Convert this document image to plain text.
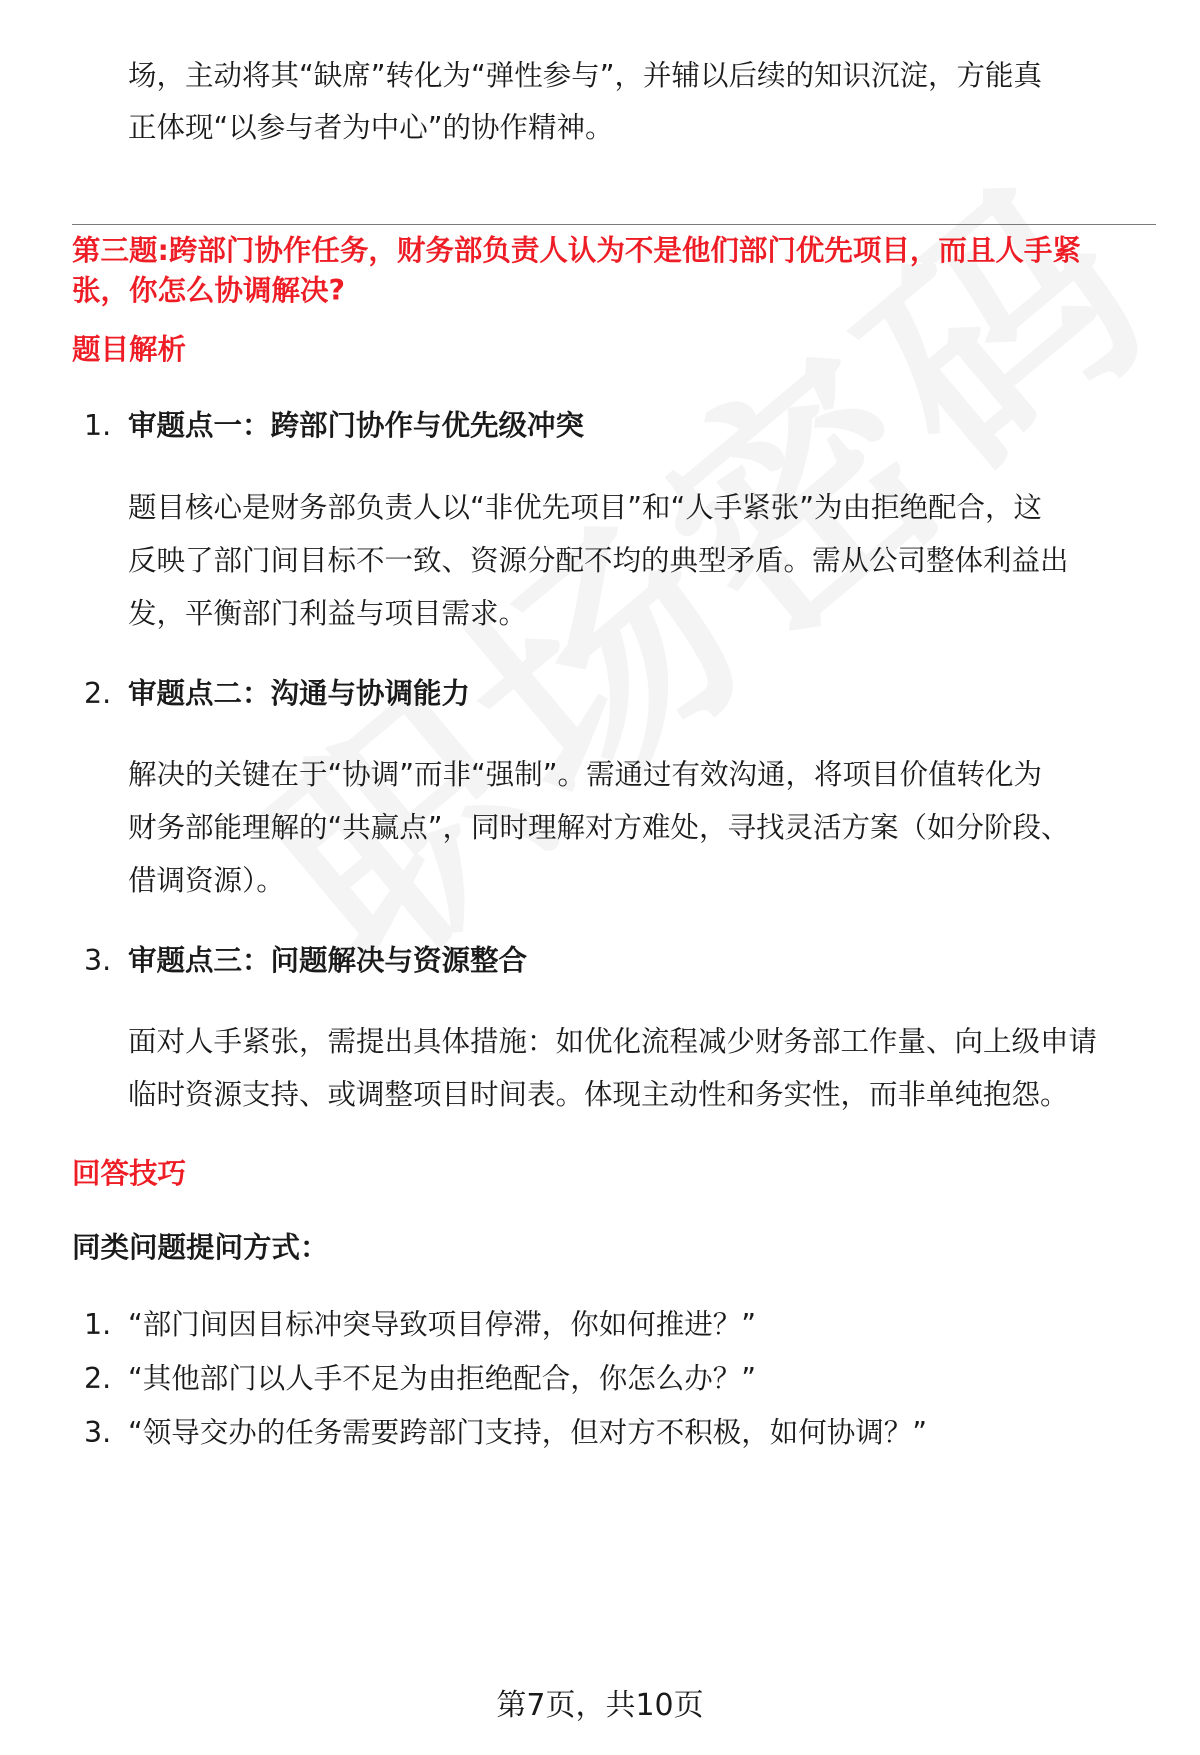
场，主动将其“缺席”转化为“弹性参与”，并辅以后续的知识沉淀，方能真

正体现“以参与者为中心”的协作精神。

第三题:跨部门协作任务，财务部负责人认为不是他们部门优先项目，而且人手紧

张，你怎么协调解决?

题目解析

1. 审题点一：跨部门协作与优先级冲突

题目核心是财务部负责人以“非优先项目”和“人手紧张”为由拒绝配合，这

反映了部门间目标不一致、资源分配不均的典型矛盾。需从公司整体利益出

发，平衡部门利益与项目需求。

2. 审题点二：沟通与协调能力

解决的关键在于“协调”而非“强制”。需通过有效沟通，将项目价值转化为

财务部能理解的“共赢点”，同时理解对方难处，寻找灵活方案（如分阶段、

借调资源）。

3. 审题点三：问题解决与资源整合

面对人手紧张，需提出具体措施：如优化流程减少财务部工作量、向上级申请

临时资源支持、或调整项目时间表。体现主动性和务实性，而非单纯抱怨。

回答技巧

同类问题提问方式：

1. “部门间因目标冲突导致项目停滞，你如何推进？”
2. “其他部门以人手不足为由拒绝配合，你怎么办？”
3. “领导交办的任务需要跨部门支持，但对方不积极，如何协调？”
第7页，共10页
